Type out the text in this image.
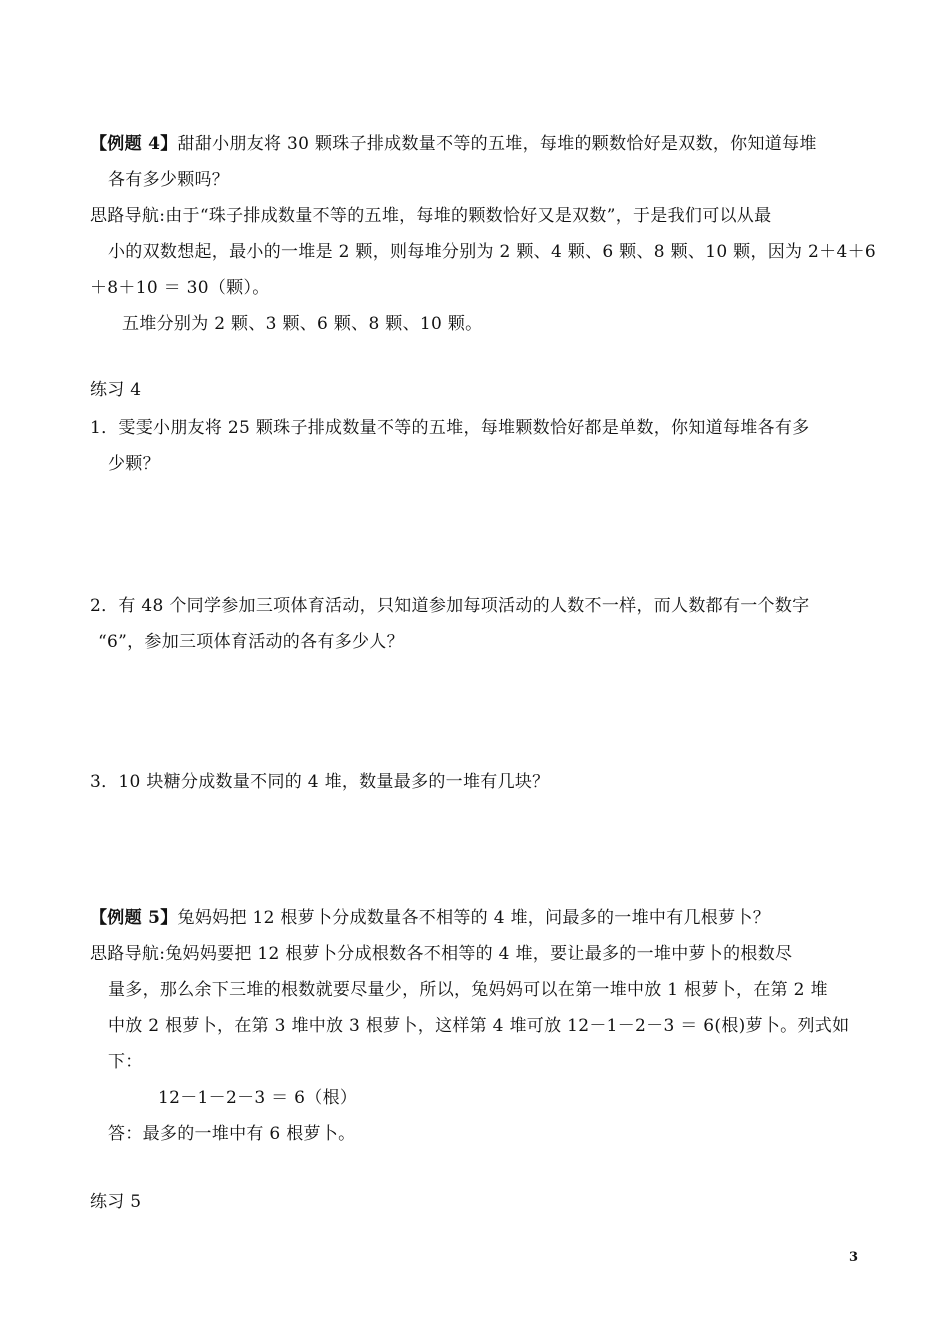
【例题 4】甜甜小朋友将 30 颗珠子排成数量不等的五堆，每堆的颗数恰好是双数，你知道每堆
各有多少颗吗？
思路导航:由于“珠子排成数量不等的五堆，每堆的颗数恰好又是双数”，于是我们可以从最
小的双数想起，最小的一堆是 2 颗，则每堆分别为 2 颗、4 颗、6 颗、8 颗、10 颗，因为 2＋4＋6
＋8＋10 ＝ 30（颗）。
五堆分别为 2 颗、3 颗、6 颗、8 颗、10 颗。
练习 4
1．雯雯小朋友将 25 颗珠子排成数量不等的五堆，每堆颗数恰好都是单数，你知道每堆各有多
少颗？
2．有 48 个同学参加三项体育活动，只知道参加每项活动的人数不一样，而人数都有一个数字
“6”，参加三项体育活动的各有多少人？
3．10 块糖分成数量不同的 4 堆，数量最多的一堆有几块？
【例题 5】兔妈妈把 12 根萝卜分成数量各不相等的 4 堆，问最多的一堆中有几根萝卜？
思路导航:兔妈妈要把 12 根萝卜分成根数各不相等的 4 堆，要让最多的一堆中萝卜的根数尽
量多，那么余下三堆的根数就要尽量少，所以，兔妈妈可以在第一堆中放 1 根萝卜，在第 2 堆
中放 2 根萝卜，在第 3 堆中放 3 根萝卜，这样第 4 堆可放 12－1－2－3 ＝ 6(根)萝卜。列式如
下：
12－1－2－3 ＝ 6（根）
答：最多的一堆中有 6 根萝卜。
练习 5
3
